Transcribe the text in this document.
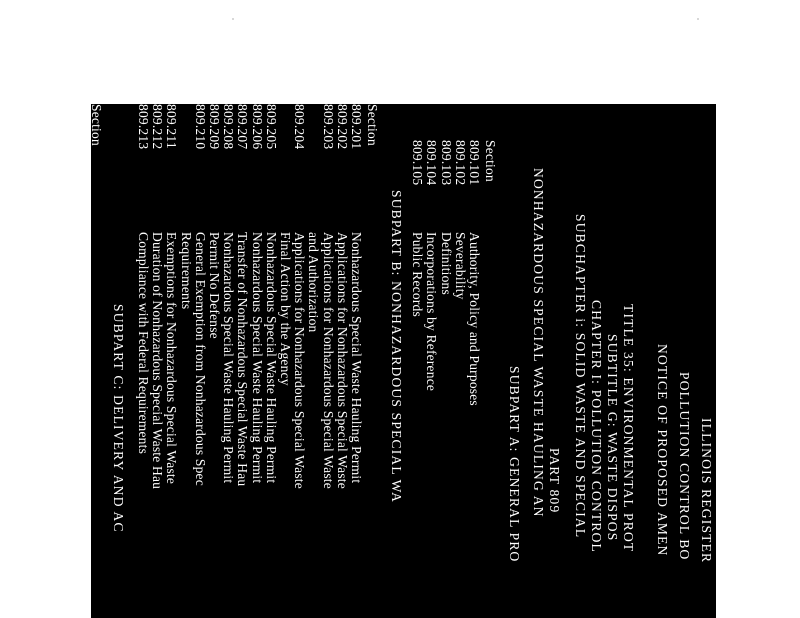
ILLINOIS REGISTER
POLLUTION CONTROL BO
NOTICE OF PROPOSED AMEN
TITLE 35: ENVIRONMENTAL PROT
SUBTITLE G: WASTE DISPOS
CHAPTER I: POLLUTION CONTROL
SUBCHAPTER i: SOLID WASTE AND SPECIAL
PART 809
NONHAZARDOUS SPECIAL WASTE HAULING AN
SUBPART A: GENERAL PRO
Section
809.101
Authority, Policy and Purposes
809.102
Severability
809.103
Definitions
809.104
Incorporations by Reference
809.105
Public Records
SUBPART B: NONHAZARDOUS SPECIAL WA
Section
809.201
Nonhazardous Special Waste Hauling Permit
809.202
Applications for Nonhazardous Special Waste
809.203
Applications for Nonhazardous Special Waste
and Authorization
809.204
Applications for Nonhazardous Special Waste
Final Action by the Agency
809.205
Nonhazardous Special Waste Hauling Permit
809.206
Nonhazardous Special Waste Hauling Permit
809.207
Transfer of Nonhazardous Special Waste Hau
809.208
Nonhazardous Special Waste Hauling Permit
809.209
Permit No Defense
809.210
General Exemption from Nonhazardous Spec
Requirements
809.211
Exemptions for Nonhazardous Special Waste
809.212
Duration of Nonhazardous Special Waste Hau
809.213
Compliance with Federal Requirements
SUBPART C: DELIVERY AND AC
Section
